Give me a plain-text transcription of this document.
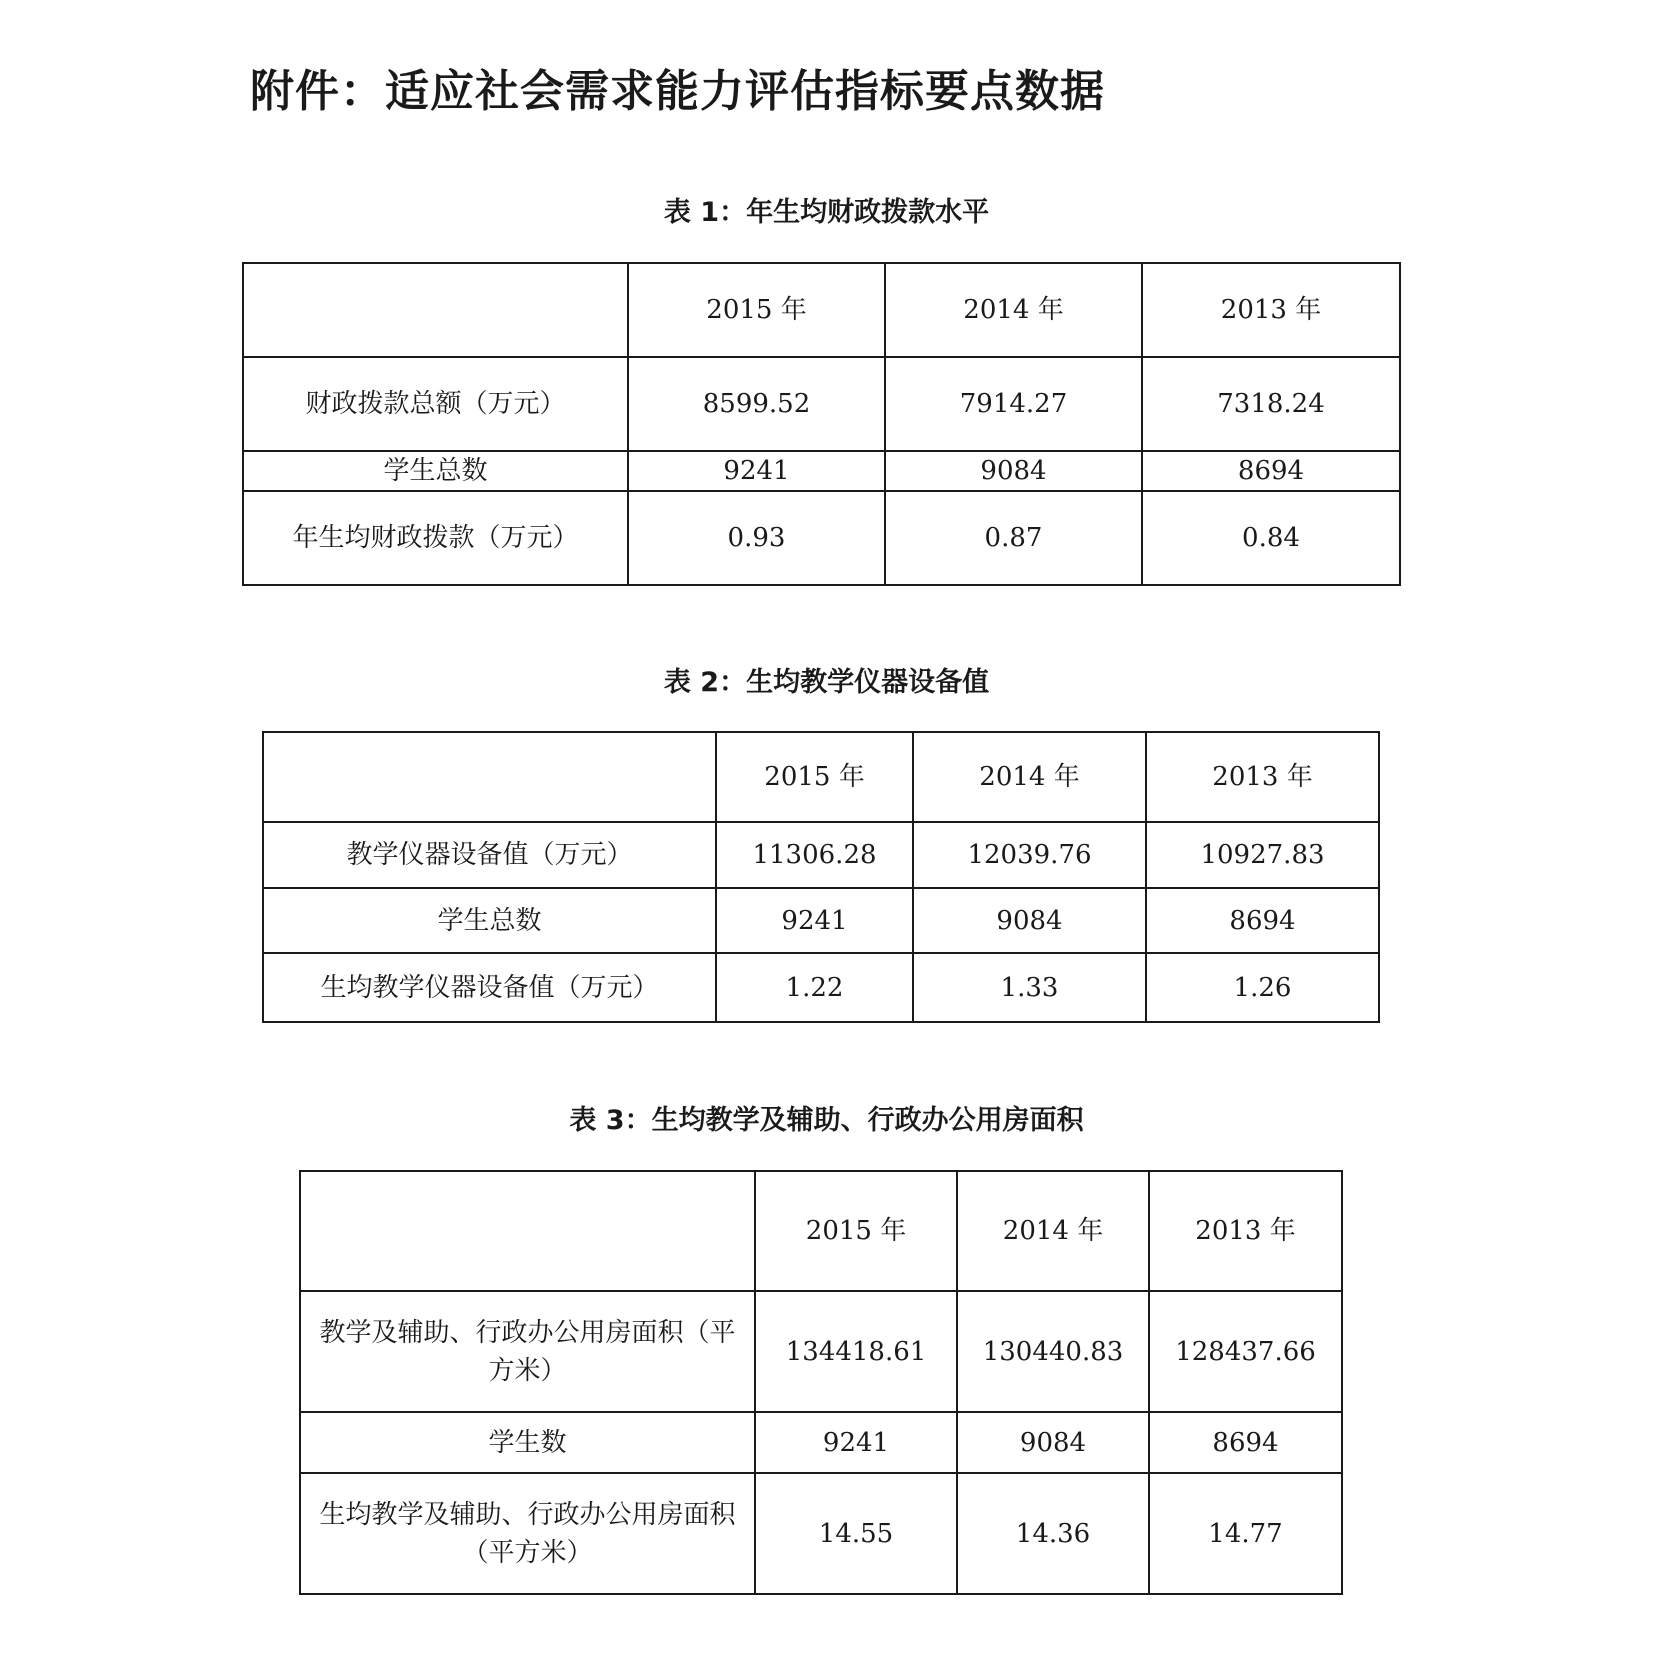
附件：适应社会需求能力评估指标要点数据
表 1：年生均财政拨款水平
	2015 年	2014 年	2013 年
财政拨款总额（万元）	8599.52	7914.27	7318.24
学生总数	9241	9084	8694
年生均财政拨款（万元）	0.93	0.87	0.84
表 2：生均教学仪器设备值
	2015 年	2014 年	2013 年
教学仪器设备值（万元）	11306.28	12039.76	10927.83
学生总数	9241	9084	8694
生均教学仪器设备值（万元）	1.22	1.33	1.26
表 3：生均教学及辅助、行政办公用房面积
	2015 年	2014 年	2013 年
教学及辅助、行政办公用房面积（平方米）	134418.61	130440.83	128437.66
学生数	9241	9084	8694
生均教学及辅助、行政办公用房面积（平方米）	14.55	14.36	14.77
